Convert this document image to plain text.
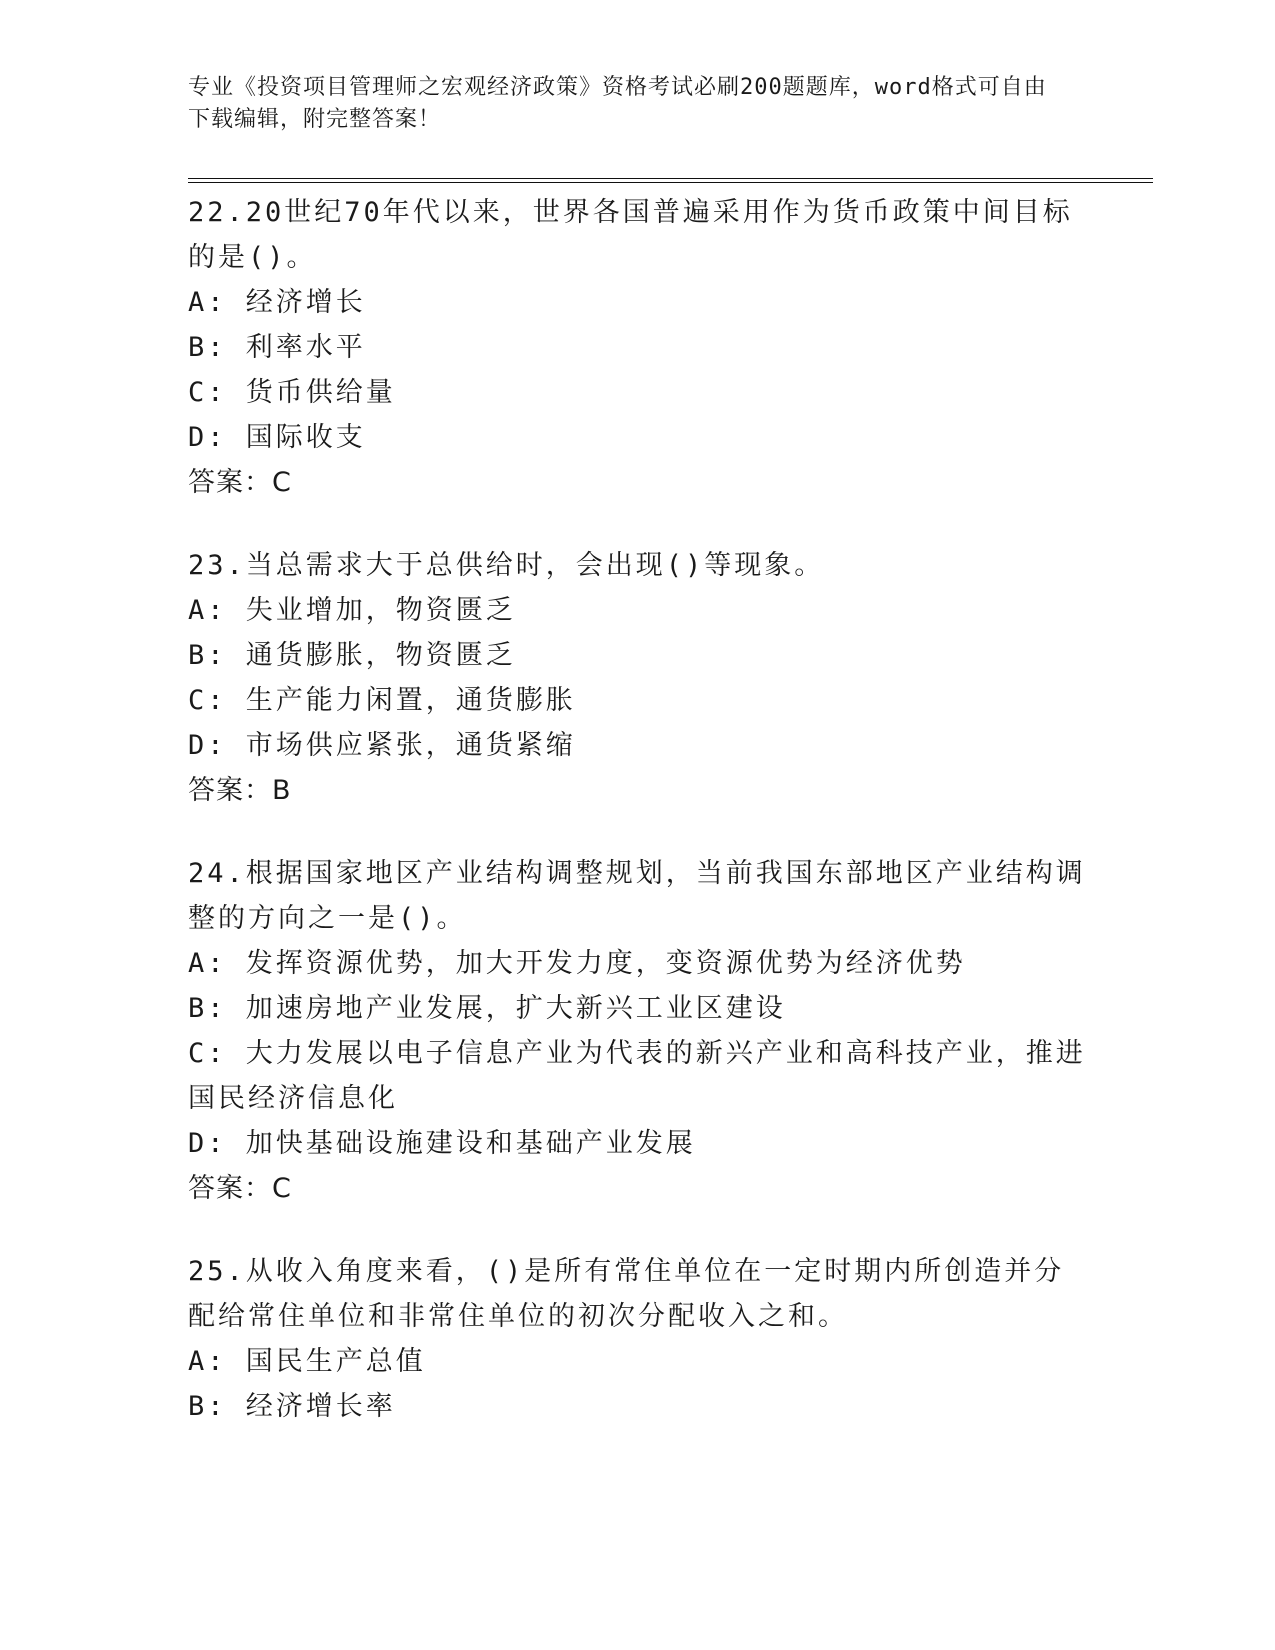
专业《投资项目管理师之宏观经济政策》资格考试必刷200题题库，word格式可自由下载编辑，附完整答案！
22.20世纪70年代以来，世界各国普遍采用作为货币政策中间目标的是()。
A: 经济增长
B: 利率水平
C: 货币供给量
D: 国际收支
答案：C
23.当总需求大于总供给时，会出现()等现象。
A: 失业增加，物资匮乏
B: 通货膨胀，物资匮乏
C: 生产能力闲置，通货膨胀
D: 市场供应紧张，通货紧缩
答案：B
24.根据国家地区产业结构调整规划，当前我国东部地区产业结构调整的方向之一是()。
A: 发挥资源优势，加大开发力度，变资源优势为经济优势
B: 加速房地产业发展，扩大新兴工业区建设
C: 大力发展以电子信息产业为代表的新兴产业和高科技产业，推进国民经济信息化
D: 加快基础设施建设和基础产业发展
答案：C
25.从收入角度来看，()是所有常住单位在一定时期内所创造并分配给常住单位和非常住单位的初次分配收入之和。
A: 国民生产总值
B: 经济增长率
